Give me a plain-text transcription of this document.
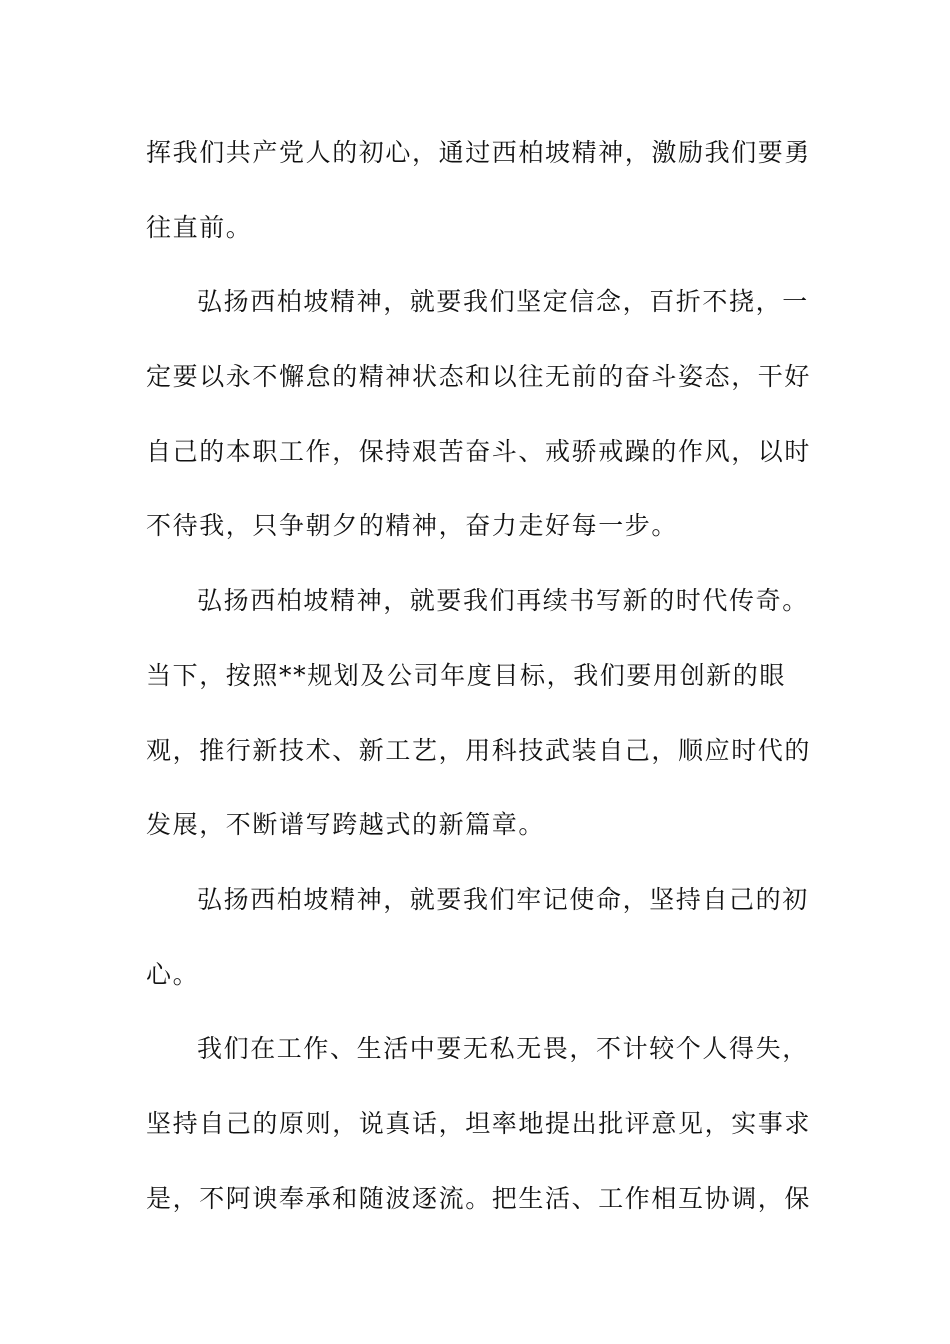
挥我们共产党人的初心，通过西柏坡精神，激励我们要勇
往直前。
弘扬西柏坡精神，就要我们坚定信念，百折不挠，一
定要以永不懈怠的精神状态和以往无前的奋斗姿态，干好
自己的本职工作，保持艰苦奋斗、戒骄戒躁的作风，以时
不待我，只争朝夕的精神，奋力走好每一步。
弘扬西柏坡精神，就要我们再续书写新的时代传奇。
当下，按照**规划及公司年度目标，我们要用创新的眼
观，推行新技术、新工艺，用科技武装自己，顺应时代的
发展，不断谱写跨越式的新篇章。
弘扬西柏坡精神，就要我们牢记使命，坚持自己的初
心。
我们在工作、生活中要无私无畏，不计较个人得失，
坚持自己的原则，说真话，坦率地提出批评意见，实事求
是，不阿谀奉承和随波逐流。把生活、工作相互协调，保
